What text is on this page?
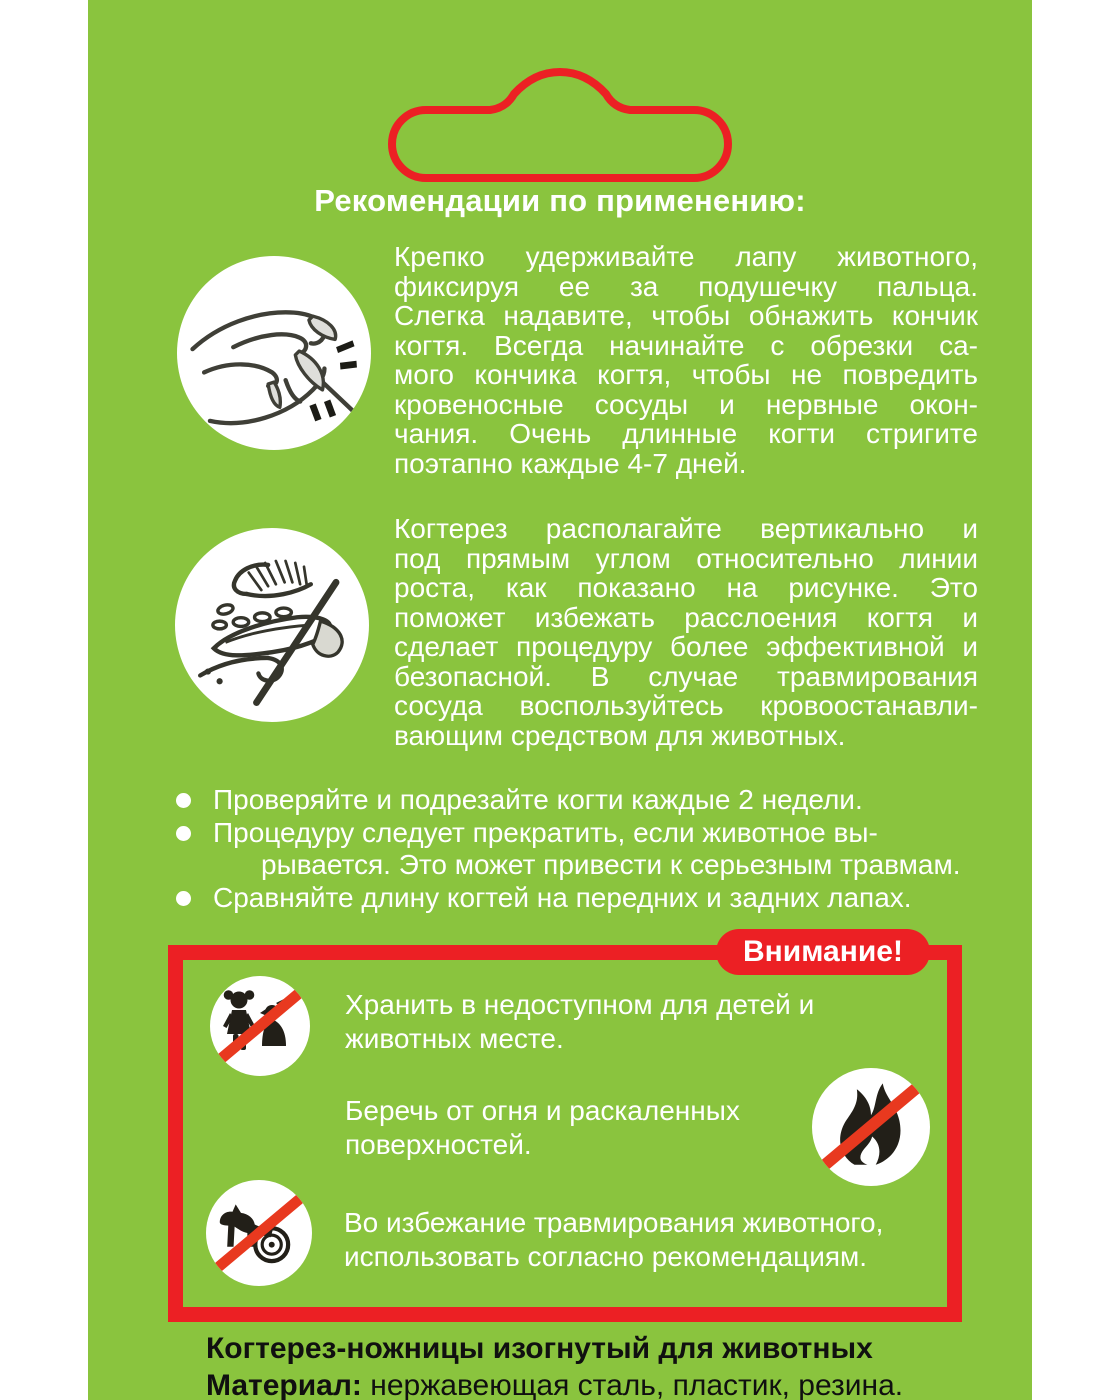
Рекомендации по применению:
Крепко удерживайте лапу животного,
фиксируя ее за подушечку пальца.
Слегка надавите, чтобы обнажить кончик
когтя. Всегда начинайте с обрезки са-
мого кончика когтя, чтобы не повредить
кровеносные сосуды и нервные окон-
чания. Очень длинные когти стригите
поэтапно каждые 4-7 дней.
Когтерез располагайте вертикально и
под прямым углом относительно линии
роста, как показано на рисунке. Это
поможет избежать расслоения когтя и
сделает процедуру более эффективной и
безопасной. В случае травмирования
сосуда воспользуйтесь кровоостанавли-
вающим средством для животных.
Проверяйте и подрезайте когти каждые 2 недели.
Процедуру следует прекратить, если животное вы-
рывается. Это может привести к серьезным травмам.
Сравняйте длину когтей на передних и задних лапах.
Внимание!
Хранить в недоступном для детей и
животных месте.
Беречь от огня и раскаленных
поверхностей.
Во избежание травмирования животного,
использовать согласно рекомендациям.
Когтерез-ножницы изогнутый для животных
Материал: нержавеющая сталь, пластик, резина.
